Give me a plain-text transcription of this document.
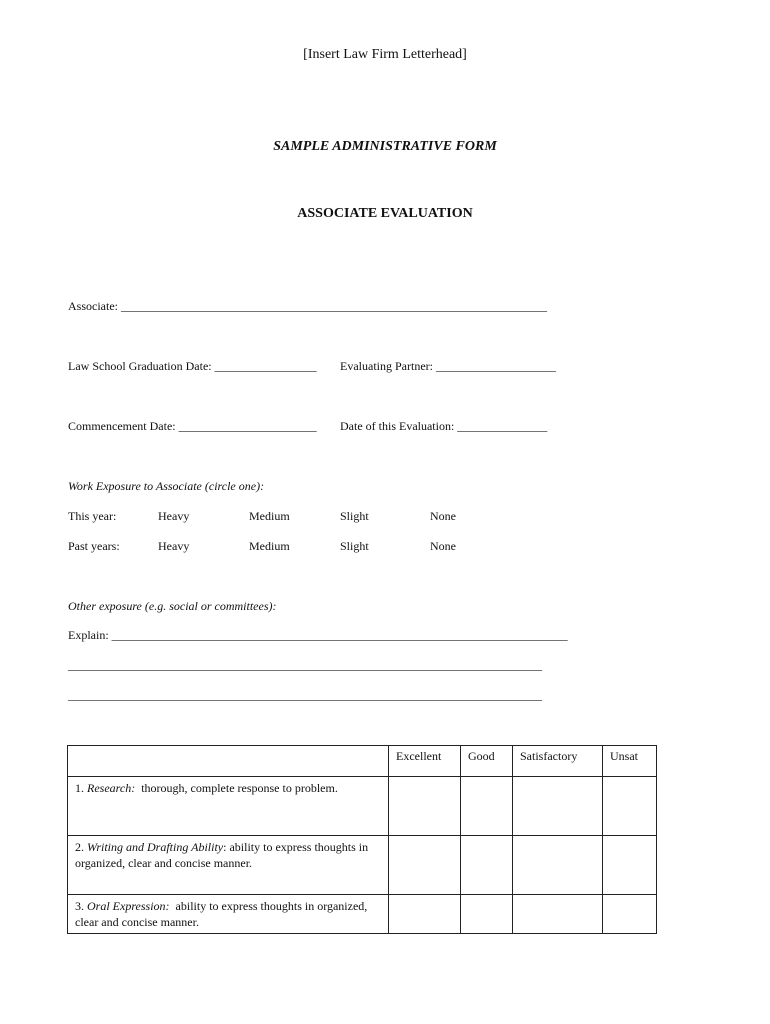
[Insert Law Firm Letterhead]
SAMPLE ADMINISTRATIVE FORM
ASSOCIATE EVALUATION
Associate: _______________________________________________________________________
Law School Graduation Date: _________________ Evaluating Partner: ____________________
Commencement Date: _______________________ Date of this Evaluation: _______________
Work Exposure to Associate (circle one):
This year:	Heavy	Medium	Slight	None
Past years:	Heavy	Medium	Slight	None
Other exposure (e.g. social or committees):
Explain: ____________________________________________________________________________
_______________________________________________________________________________
_______________________________________________________________________________
	Excellent	Good	Satisfactory	Unsat
1. Research: thorough, complete response to problem.				
2. Writing and Drafting Ability: ability to express thoughts in organized, clear and concise manner.				
3. Oral Expression: ability to express thoughts in organized, clear and concise manner.				
